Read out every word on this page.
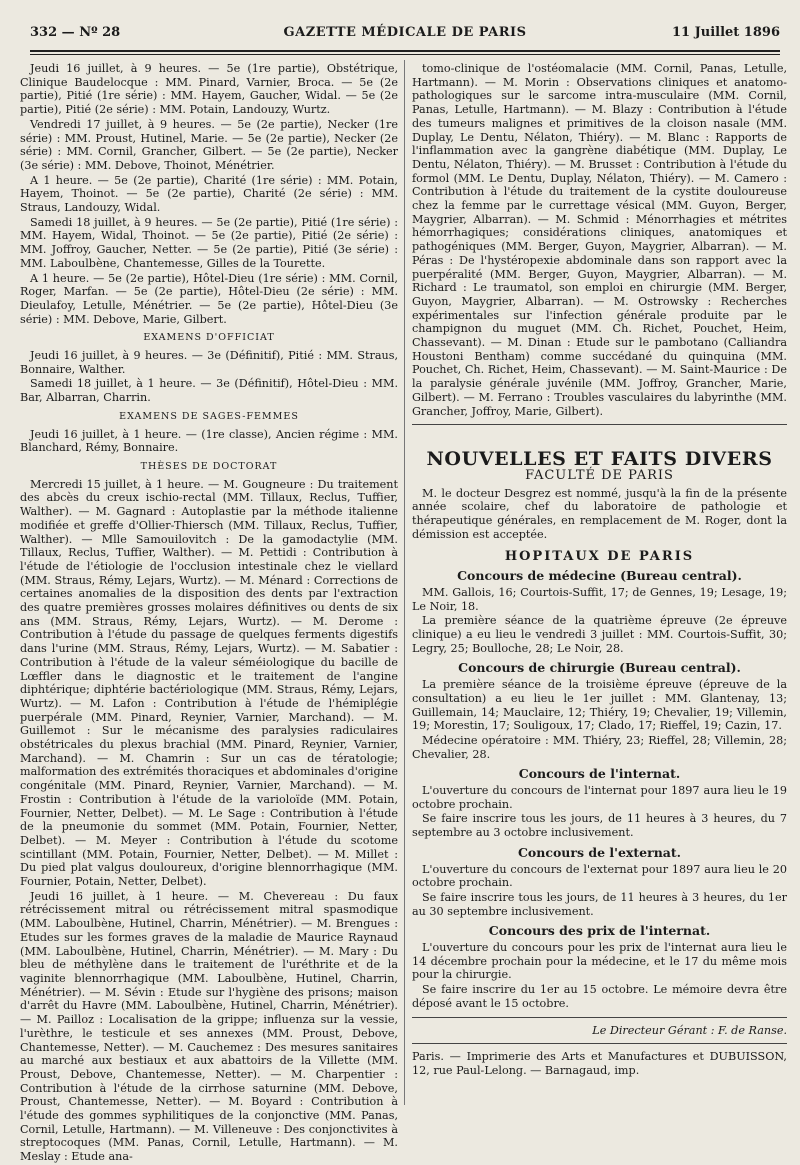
332 — Nº 28	GAZETTE MÉDICALE DE PARIS	11 Juillet 1896

Jeudi 16 juillet, à 9 heures. — 5e (1re partie), Obstétrique, Clinique Baudelocque : MM. Pinard, Varnier, Broca. — 5e (2e partie), Pitié (1re série) : MM. Hayem, Gaucher, Widal. — 5e (2e partie), Pitié (2e série) : MM. Potain, Landouzy, Wurtz.

Vendredi 17 juillet, à 9 heures. — 5e (2e partie), Necker (1re série) : MM. Proust, Hutinel, Marie. — 5e (2e partie), Necker (2e série) : MM. Cornil, Grancher, Gilbert. — 5e (2e partie), Necker (3e série) : MM. Debove, Thoinot, Ménétrier.

A 1 heure. — 5e (2e partie), Charité (1re série) : MM. Potain, Hayem, Thoinot. — 5e (2e partie), Charité (2e série) : MM. Straus, Landouzy, Widal.

Samedi 18 juillet, à 9 heures. — 5e (2e partie), Pitié (1re série) : MM. Hayem, Widal, Thoinot. — 5e (2e partie), Pitié (2e série) : MM. Joffroy, Gaucher, Netter. — 5e (2e partie), Pitié (3e série) : MM. Laboulbène, Chantemesse, Gilles de la Tourette.

A 1 heure. — 5e (2e partie), Hôtel-Dieu (1re série) : MM. Cornil, Roger, Marfan. — 5e (2e partie), Hôtel-Dieu (2e série) : MM. Dieulafoy, Letulle, Ménétrier. — 5e (2e partie), Hôtel-Dieu (3e série) : MM. Debove, Marie, Gilbert.

EXAMENS D'OFFICIAT

Jeudi 16 juillet, à 9 heures. — 3e (Définitif), Pitié : MM. Straus, Bonnaire, Walther.

Samedi 18 juillet, à 1 heure. — 3e (Définitif), Hôtel-Dieu : MM. Bar, Albarran, Charrin.

EXAMENS DE SAGES-FEMMES

Jeudi 16 juillet, à 1 heure. — (1re classe), Ancien régime : MM. Blanchard, Rémy, Bonnaire.

THÈSES DE DOCTORAT

Mercredi 15 juillet, à 1 heure. — M. Gougneure : Du traitement des abcès du creux ischio-rectal (MM. Tillaux, Reclus, Tuffier, Walther). — M. Gagnard : Autoplastie par la méthode italienne modifiée et greffe d'Ollier-Thiersch (MM. Tillaux, Reclus, Tuffier, Walther). — Mlle Samouilovitch : De la gamodactylie (MM. Tillaux, Reclus, Tuffier, Walther). — M. Pettidi : Contribution à l'étude de l'étiologie de l'occlusion intestinale chez le viellard (MM. Straus, Rémy, Lejars, Wurtz). — M. Ménard : Corrections de certaines anomalies de la disposition des dents par l'extraction des quatre premières grosses molaires définitives ou dents de six ans (MM. Straus, Rémy, Lejars, Wurtz). — M. Derome : Contribution à l'étude du passage de quelques ferments digestifs dans l'urine (MM. Straus, Rémy, Lejars, Wurtz). — M. Sabatier : Contribution à l'étude de la valeur séméiologique du bacille de Lœffler dans le diagnostic et le traitement de l'angine diphtérique; diphtérie bactériologique (MM. Straus, Rémy, Lejars, Wurtz). — M. Lafon : Contribution à l'étude de l'hémiplégie puerpérale (MM. Pinard, Reynier, Varnier, Marchand). — M. Guillemot : Sur le mécanisme des paralysies radiculaires obstétricales du plexus brachial (MM. Pinard, Reynier, Varnier, Marchand). — M. Chamrin : Sur un cas de tératologie; malformation des extrémités thoraciques et abdominales d'origine congénitale (MM. Pinard, Reynier, Varnier, Marchand). — M. Frostin : Contribution à l'étude de la varioloïde (MM. Potain, Fournier, Netter, Delbet). — M. Le Sage : Contribution à l'étude de la pneumonie du sommet (MM. Potain, Fournier, Netter, Delbet). — M. Meyer : Contribution à l'étude du scotome scintillant (MM. Potain, Fournier, Netter, Delbet). — M. Millet : Du pied plat valgus douloureux, d'origine blennorrhagique (MM. Fournier, Potain, Netter, Delbet).

Jeudi 16 juillet, à 1 heure. — M. Chevereau : Du faux rétrécissement mitral ou rétrécissement mitral spasmodique (MM. Laboulbène, Hutinel, Charrin, Ménétrier). — M. Brengues : Etudes sur les formes graves de la maladie de Maurice Raynaud (MM. Laboulbène, Hutinel, Charrin, Ménétrier). — M. Mary : Du bleu de méthylène dans le traitement de l'uréthrite et de la vaginite blennorrhagique (MM. Laboulbène, Hutinel, Charrin, Ménétrier). — M. Sévin : Etude sur l'hygiène des prisons; maison d'arrêt du Havre (MM. Laboulbène, Hutinel, Charrin, Ménétrier). — M. Pailloz : Localisation de la grippe; influenza sur la vessie, l'urèthre, le testicule et ses annexes (MM. Proust, Debove, Chantemesse, Netter). — M. Cauchemez : Des mesures sanitaires au marché aux bestiaux et aux abattoirs de la Villette (MM. Proust, Debove, Chantemesse, Netter). — M. Charpentier : Contribution à l'étude de la cirrhose saturnine (MM. Debove, Proust, Chantemesse, Netter). — M. Boyard : Contribution à l'étude des gommes syphilitiques de la conjonctive (MM. Panas, Cornil, Letulle, Hartmann). — M. Villeneuve : Des conjonctivites à streptocoques (MM. Panas, Cornil, Letulle, Hartmann). — M. Meslay : Etude ana-

tomo-clinique de l'ostéomalacie (MM. Cornil, Panas, Letulle, Hartmann). — M. Morin : Observations cliniques et anatomo-pathologiques sur le sarcome intra-musculaire (MM. Cornil, Panas, Letulle, Hartmann). — M. Blazy : Contribution à l'étude des tumeurs malignes et primitives de la cloison nasale (MM. Duplay, Le Dentu, Nélaton, Thiéry). — M. Blanc : Rapports de l'inflammation avec la gangrène diabétique (MM. Duplay, Le Dentu, Nélaton, Thiéry). — M. Brusset : Contribution à l'étude du formol (MM. Le Dentu, Duplay, Nélaton, Thiéry). — M. Camero : Contribution à l'étude du traitement de la cystite douloureuse chez la femme par le currettage vésical (MM. Guyon, Berger, Maygrier, Albarran). — M. Schmid : Ménorrhagies et métrites hémorrhagiques; considérations cliniques, anatomiques et pathogéniques (MM. Berger, Guyon, Maygrier, Albarran). — M. Péras : De l'hystéropexie abdominale dans son rapport avec la puerpéralité (MM. Berger, Guyon, Maygrier, Albarran). — M. Richard : Le traumatol, son emploi en chirurgie (MM. Berger, Guyon, Maygrier, Albarran). — M. Ostrowsky : Recherches expérimentales sur l'infection générale produite par le champignon du muguet (MM. Ch. Richet, Pouchet, Heim, Chassevant). — M. Dinan : Etude sur le pambotano (Calliandra Houstoni Bentham) comme succédané du quinquina (MM. Pouchet, Ch. Richet, Heim, Chassevant). — M. Saint-Maurice : De la paralysie générale juvénile (MM. Joffroy, Grancher, Marie, Gilbert). — M. Ferrano : Troubles vasculaires du labyrinthe (MM. Grancher, Joffroy, Marie, Gilbert).

NOUVELLES ET FAITS DIVERS

FACULTÉ DE PARIS

M. le docteur Desgrez est nommé, jusqu'à la fin de la présente année scolaire, chef du laboratoire de pathologie et thérapeutique générales, en remplacement de M. Roger, dont la démission est acceptée.

HOPITAUX DE PARIS

Concours de médecine (Bureau central).

MM. Gallois, 16; Courtois-Suffit, 17; de Gennes, 19; Lesage, 19; Le Noir, 18.

La première séance de la quatrième épreuve (2e épreuve clinique) a eu lieu le vendredi 3 juillet : MM. Courtois-Suffit, 30; Legry, 25; Boulloche, 28; Le Noir, 28.

Concours de chirurgie (Bureau central).

La première séance de la troisième épreuve (épreuve de la consultation) a eu lieu le 1er juillet : MM. Glantenay, 13; Guillemain, 14; Mauclaire, 12; Thiéry, 19; Chevalier, 19; Villemin, 19; Morestin, 17; Souligoux, 17; Clado, 17; Rieffel, 19; Cazin, 17.

Médecine opératoire : MM. Thiéry, 23; Rieffel, 28; Villemin, 28; Chevalier, 28.

Concours de l'internat.

L'ouverture du concours de l'internat pour 1897 aura lieu le 19 octobre prochain.

Se faire inscrire tous les jours, de 11 heures à 3 heures, du 7 septembre au 3 octobre inclusivement.

Concours de l'externat.

L'ouverture du concours de l'externat pour 1897 aura lieu le 20 octobre prochain.

Se faire inscrire tous les jours, de 11 heures à 3 heures, du 1er au 30 septembre inclusivement.

Concours des prix de l'internat.

L'ouverture du concours pour les prix de l'internat aura lieu le 14 décembre prochain pour la médecine, et le 17 du même mois pour la chirurgie.

Se faire inscrire du 1er au 15 octobre. Le mémoire devra être déposé avant le 15 octobre.

Le Directeur Gérant : F. de Ranse.

Paris. — Imprimerie des Arts et Manufactures et DUBUISSON, 12, rue Paul-Lelong. — Barnagaud, imp.
